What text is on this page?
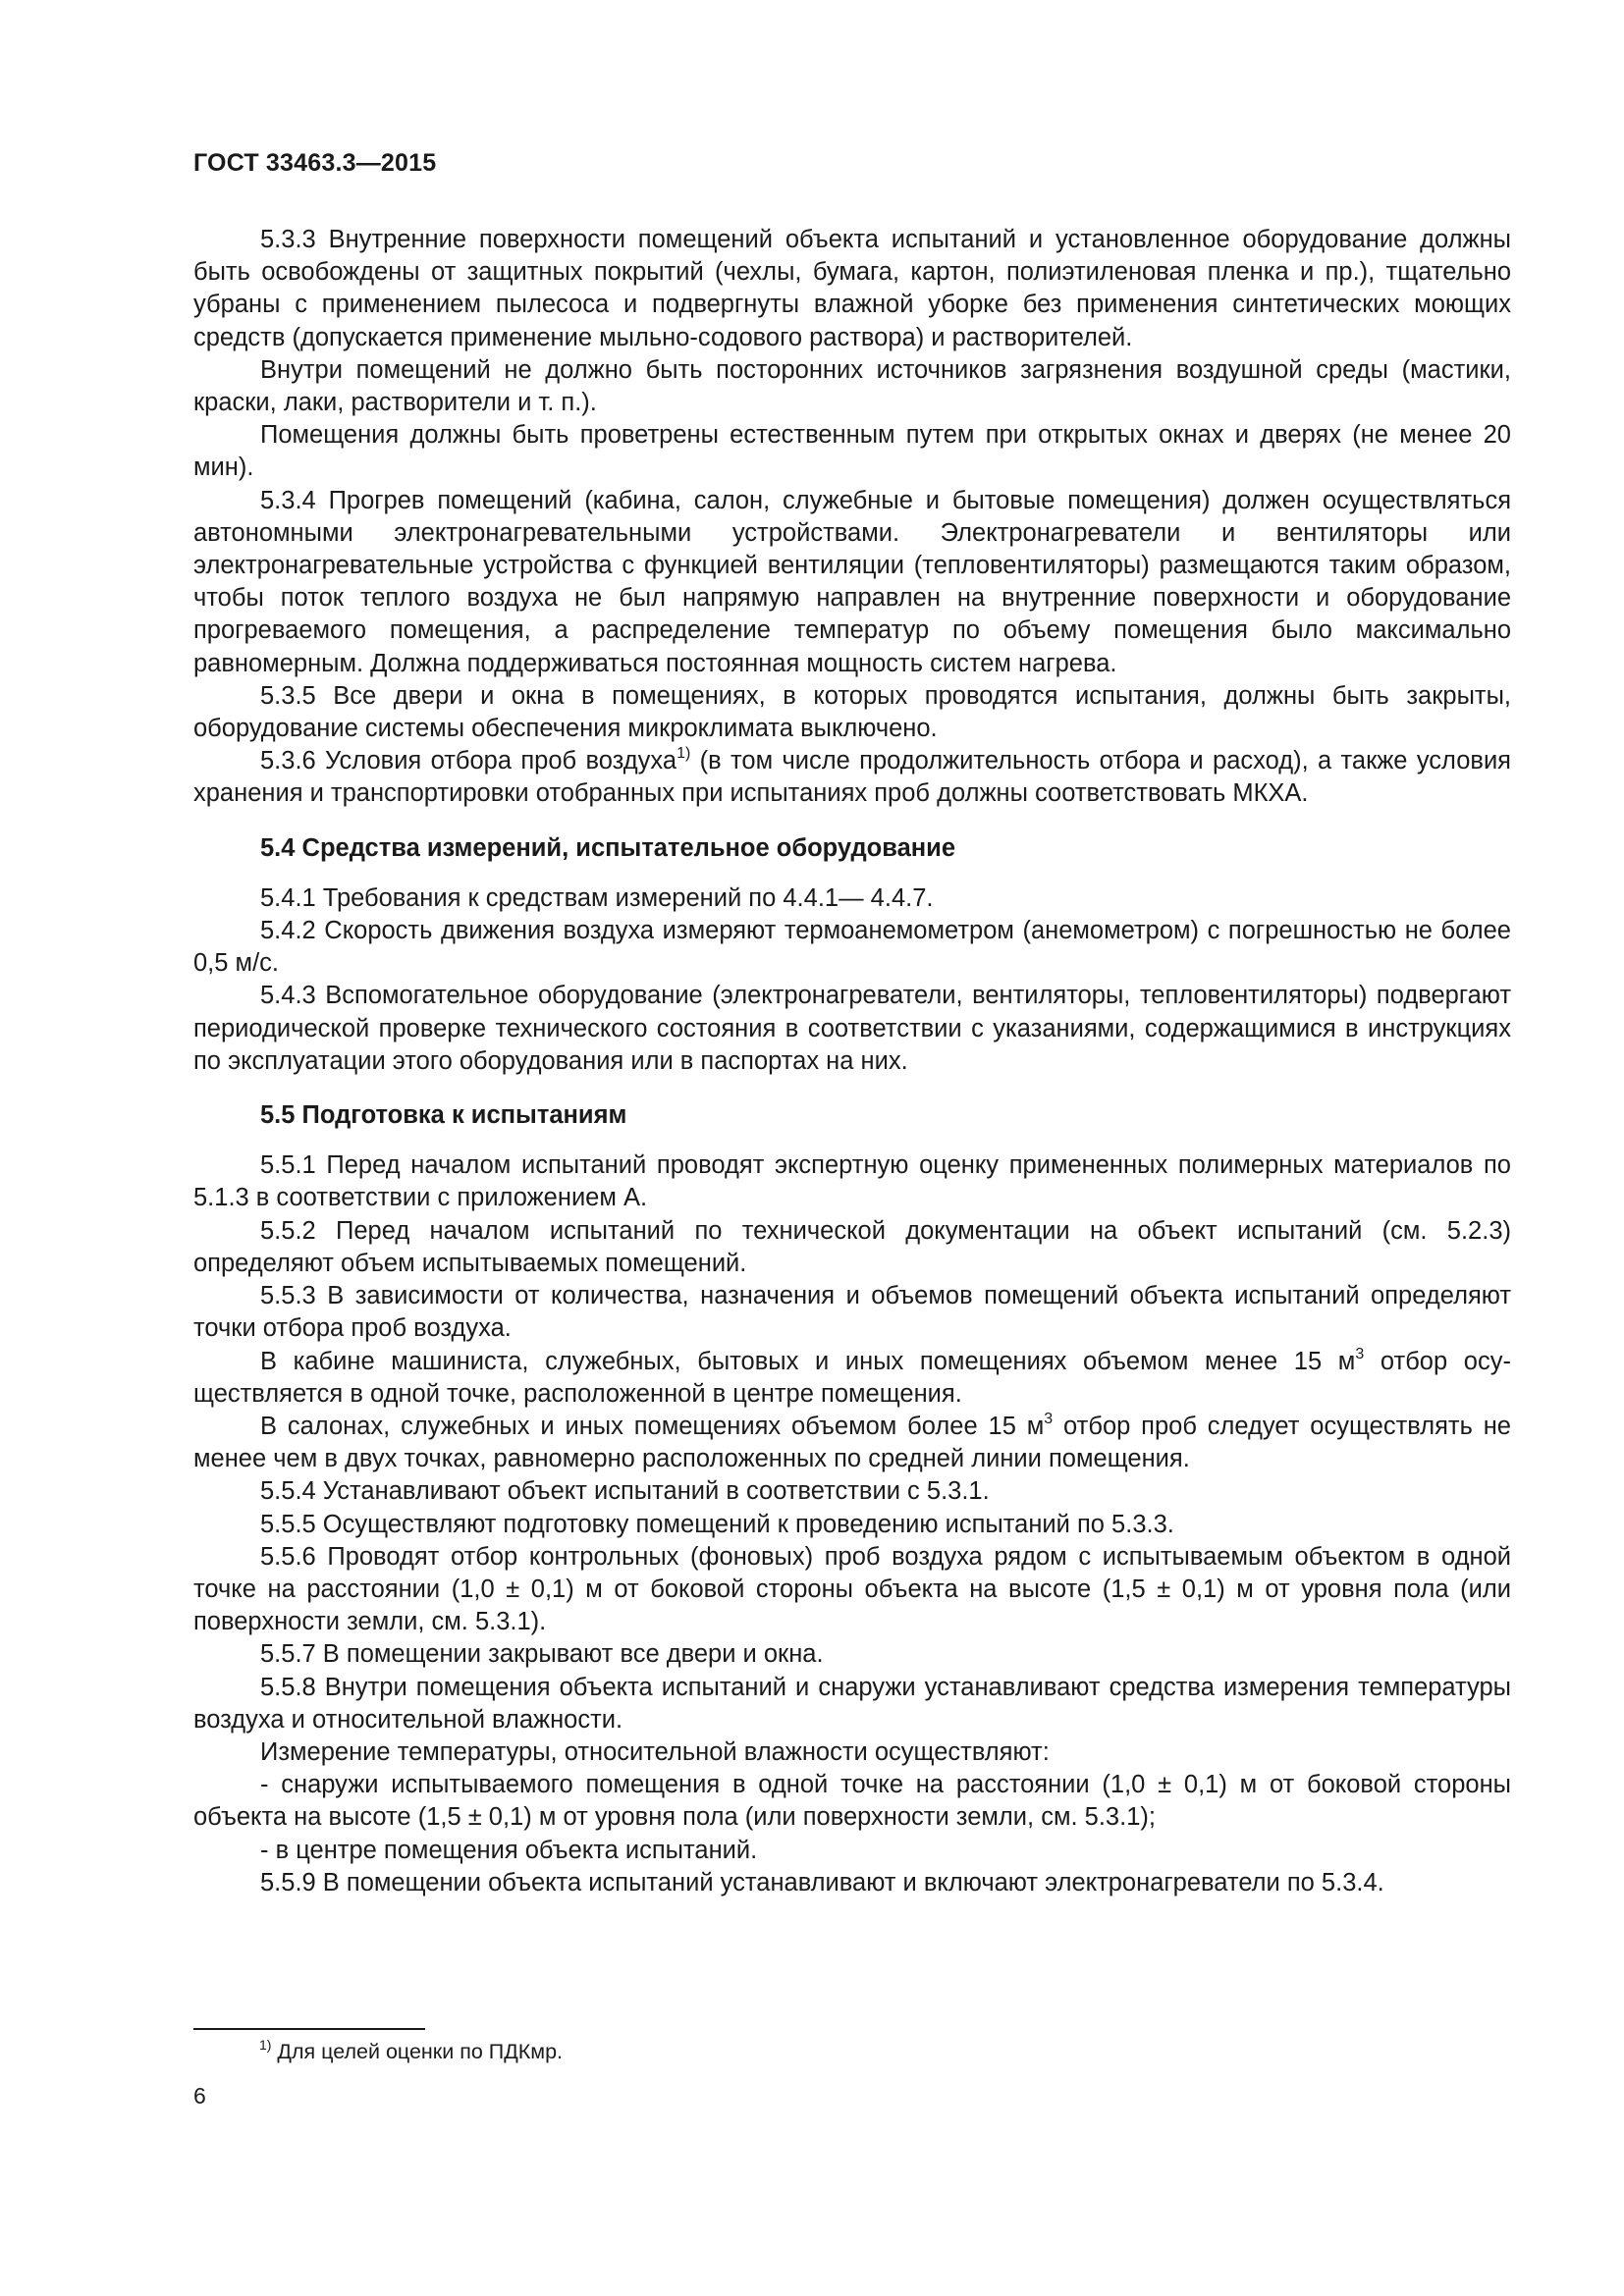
ГОСТ 33463.3—2015

5.3.3 Внутренние поверхности помещений объекта испытаний и установленное оборудование должны быть освобождены от защитных покрытий (чехлы, бумага, картон, полиэтиленовая пленка и пр.), тщательно убраны с применением пылесоса и подвергнуты влажной уборке без применения синтетических моющих средств (допускается применение мыльно-содового раствора) и растворителей.

Внутри помещений не должно быть посторонних источников загрязнения воздушной среды (мастики, краски, лаки, растворители и т. п.).

Помещения должны быть проветрены естественным путем при открытых окнах и дверях (не менее 20 мин).

5.3.4 Прогрев помещений (кабина, салон, служебные и бытовые помещения) должен осуществляться автономными электронагревательными устройствами. Электронагреватели и вентиляторы или электронагревательные устройства с функцией вентиляции (тепловентиляторы) размещаются таким образом, чтобы поток теплого воздуха не был напрямую направлен на внутренние поверхности и оборудование прогреваемого помещения, а распределение температур по объему помещения было максимально равномерным. Должна поддерживаться постоянная мощность систем нагрева.

5.3.5 Все двери и окна в помещениях, в которых проводятся испытания, должны быть закрыты, оборудование системы обеспечения микроклимата выключено.

5.3.6 Условия отбора проб воздуха$^{1)}$ (в том числе продолжительность отбора и расход), а также условия хранения и транспортировки отобранных при испытаниях проб должны соответствовать МКХА.

5.4 Средства измерений, испытательное оборудование

5.4.1 Требования к средствам измерений по 4.4.1— 4.4.7.

5.4.2 Скорость движения воздуха измеряют термоанемометром (анемометром) с погрешностью не более 0,5 м/с.

5.4.3 Вспомогательное оборудование (электронагреватели, вентиляторы, тепловентиляторы) подвергают периодической проверке технического состояния в соответствии с указаниями, содержащимися в инструкциях по эксплуатации этого оборудования или в паспортах на них.

5.5 Подготовка к испытаниям

5.5.1 Перед началом испытаний проводят экспертную оценку примененных полимерных материалов по 5.1.3 в соответствии с приложением А.

5.5.2 Перед началом испытаний по технической документации на объект испытаний (см. 5.2.3) определяют объем испытываемых помещений.

5.5.3 В зависимости от количества, назначения и объемов помещений объекта испытаний определяют точки отбора проб воздуха.

В кабине машиниста, служебных, бытовых и иных помещениях объемом менее 15 $м^3$ отбор осуществляется в одной точке, расположенной в центре помещения.

В салонах, служебных и иных помещениях объемом более 15 $м^3$ отбор проб следует осуществлять не менее чем в двух точках, равномерно расположенных по средней линии помещения.

5.5.4 Устанавливают объект испытаний в соответствии с 5.3.1.

5.5.5 Осуществляют подготовку помещений к проведению испытаний по 5.3.3.

5.5.6 Проводят отбор контрольных (фоновых) проб воздуха рядом с испытываемым объектом в одной точке на расстоянии (1,0 ± 0,1) м от боковой стороны объекта на высоте (1,5 ± 0,1) м от уровня пола (или поверхности земли, см. 5.3.1).

5.5.7 В помещении закрывают все двери и окна.

5.5.8 Внутри помещения объекта испытаний и снаружи устанавливают средства измерения температуры воздуха и относительной влажности.

Измерение температуры, относительной влажности осуществляют:

- снаружи испытываемого помещения в одной точке на расстоянии (1,0 ± 0,1) м от боковой стороны объекта на высоте (1,5 ± 0,1) м от уровня пола (или поверхности земли, см. 5.3.1);

- в центре помещения объекта испытаний.

5.5.9 В помещении объекта испытаний устанавливают и включают электронагреватели по 5.3.4.

$^{1)}$ Для целей оценки по ПДКмр.
6
